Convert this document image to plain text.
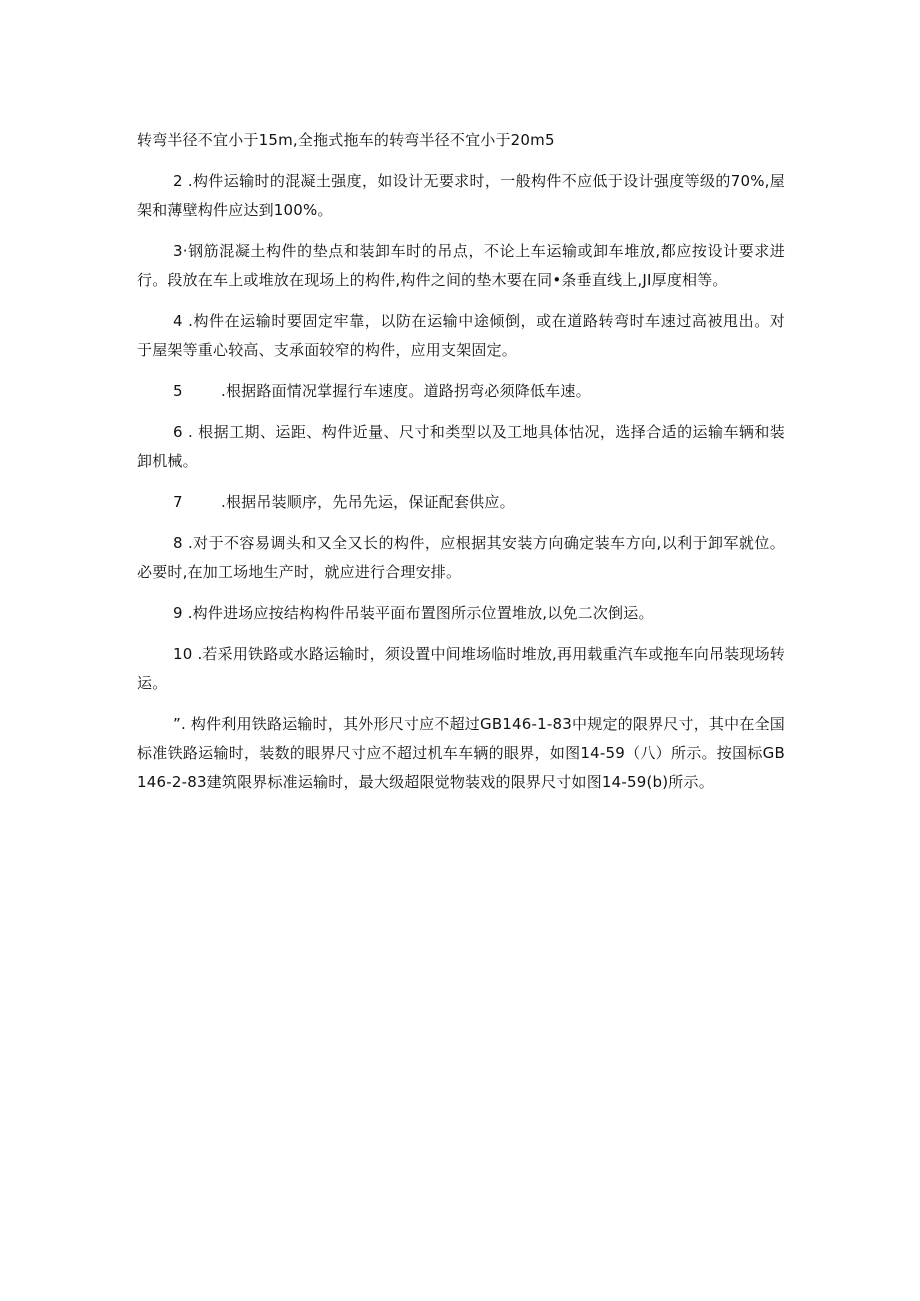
转弯半径不宜小于15m,全拖式拖车的转弯半径不宜小于20m5

2 .构件运输时的混凝土强度，如设计无要求时，一般构件不应低于设计强度等级的70%,屋架和薄壁构件应达到100%。

3·钢筋混凝土构件的垫点和装卸车时的吊点，不论上车运输或卸车堆放,都应按设计要求进行。段放在车上或堆放在现场上的构件,构件之间的垫木要在同•条垂直线上,JI厚度相等。

4 .构件在运输时要固定牢靠，以防在运输中途倾倒，或在道路转弯时车速过高被甩出。对于屋架等重心较高、支承面较窄的构件，应用支架固定。

5	.根据路面情况掌握行车速度。道路拐弯必须降低车速。

6 . 根据工期、运距、构件近量、尺寸和类型以及工地具体怙况，选择合适的运输车辆和装卸机械。

7	.根据吊装顺序，先吊先运，保证配套供应。

8 .对于不容易调头和又全又长的构件，应根据其安装方向确定装车方向,以利于卸军就位。必要时,在加工场地生产时，就应进行合理安排。

9 .构件进场应按结构构件吊装平面布置图所示位置堆放,以免二次倒运。

10 .若采用铁路或水路运输时，须设置中间堆场临时堆放,再用载重汽车或拖车向吊装现场转运。

”. 构件利用铁路运输时，其外形尺寸应不超过GB146-1-83中规定的限界尺寸，其中在全国标准铁路运输时，装数的眼界尺寸应不超过机车车辆的眼界，如图14-59（八）所示。按国标GB146-2-83建筑限界标准运输时，最大级超限觉物装戏的限界尺寸如图14-59(b)所示。
